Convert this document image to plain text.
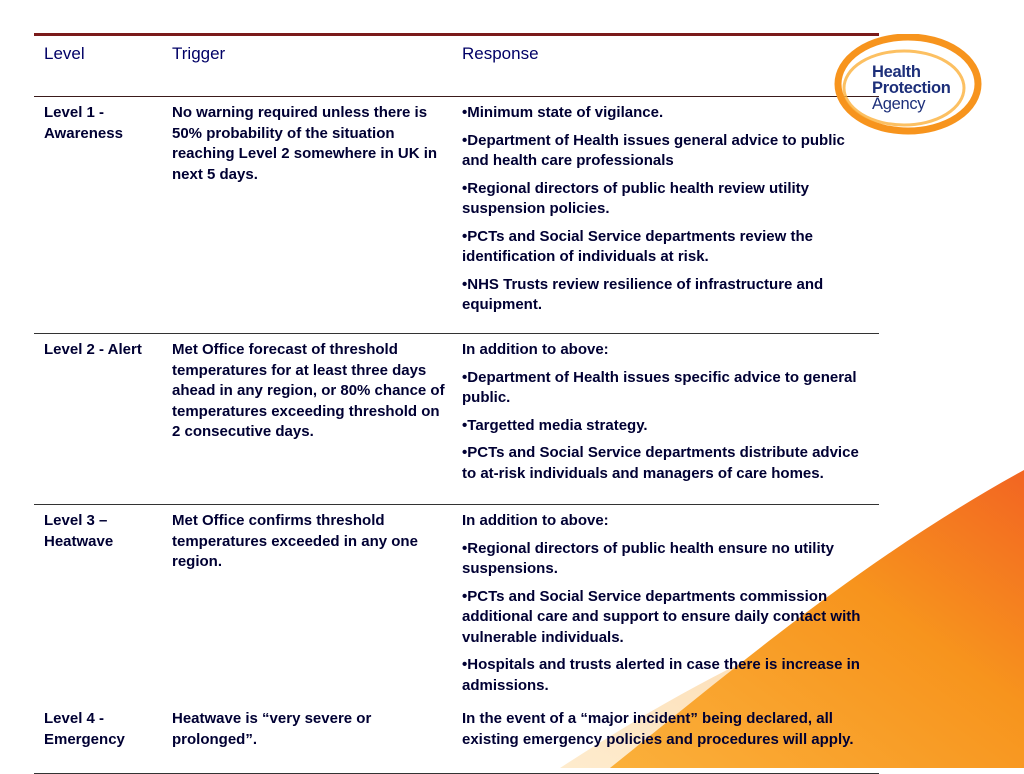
Health
Protection
Agency
Level	Trigger	Response
Level 1 - Awareness	No warning required unless there is 50% probability of the situation reaching Level 2 somewhere in UK in next 5 days.	•Minimum state of vigilance.
•Department of Health issues general advice to public and health care professionals
•Regional directors of public health review utility suspension policies.
•PCTs and Social Service departments review the identification of individuals at risk.
•NHS Trusts review resilience of infrastructure and equipment.

Level 2 - Alert	Met Office forecast of threshold temperatures for at least three days ahead in any region, or 80% chance of temperatures exceeding threshold on 2 consecutive days.	In addition to above:
•Department of Health issues specific advice to general public.
•Targetted media strategy.
•PCTs and Social Service departments distribute advice to at-risk individuals and managers of care homes.

Level 3 – Heatwave	Met Office confirms threshold temperatures exceeded in any one region.	In addition to above:
•Regional directors of public health ensure no utility suspensions.
•PCTs and Social Service departments commission additional care and support to ensure daily contact with vulnerable individuals.
•Hospitals and trusts alerted in case there is increase in admissions.

Level 4 - Emergency	Heatwave is “very severe or prolonged”.	In the event of a “major incident” being declared, all existing emergency policies and procedures will apply.
